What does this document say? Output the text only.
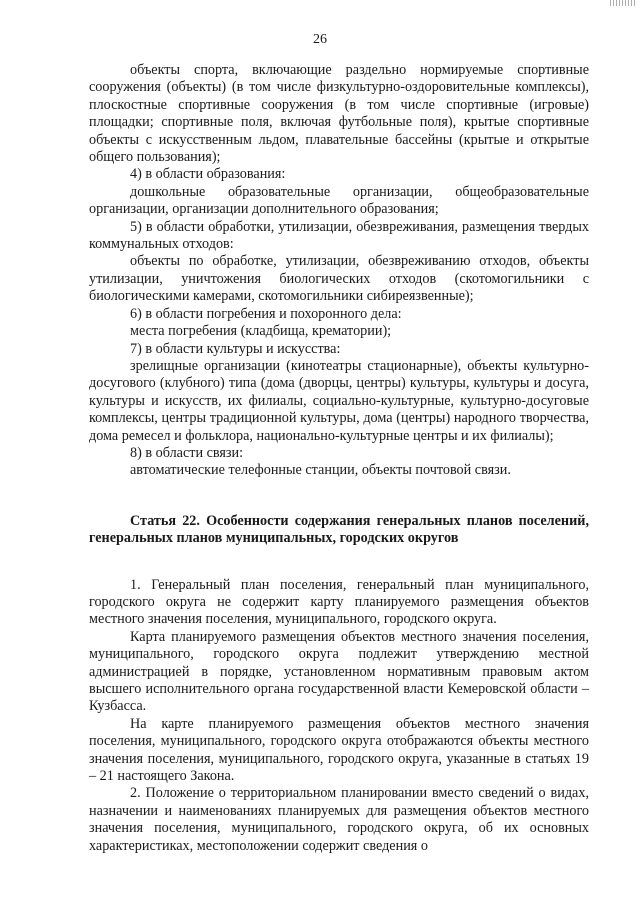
26

объекты спорта, включающие раздельно нормируемые спортивные сооружения (объекты) (в том числе физкультурно-оздоровительные комплексы), плоскостные спортивные сооружения (в том числе спортивные (игровые) площадки; спортивные поля, включая футбольные поля), крытые спортивные объекты с искусственным льдом, плавательные бассейны (крытые и открытые общего пользования);

4) в области образования:

дошкольные образовательные организации, общеобразовательные организации, организации дополнительного образования;

5) в области обработки, утилизации, обезвреживания, размещения твердых коммунальных отходов:

объекты по обработке, утилизации, обезвреживанию отходов, объекты утилизации, уничтожения биологических отходов (скотомогильники с биологическими камерами, скотомогильники сибиреязвенные);

6) в области погребения и похоронного дела:

места погребения (кладбища, крематории);

7) в области культуры и искусства:

зрелищные организации (кинотеатры стационарные), объекты культурно-досугового (клубного) типа (дома (дворцы, центры) культуры, культуры и досуга, культуры и искусств, их филиалы, социально-культурные, культурно-досуговые комплексы, центры традиционной культуры, дома (центры) народного творчества, дома ремесел и фольклора, национально-культурные центры и их филиалы);

8) в области связи:

автоматические телефонные станции, объекты почтовой связи.

Статья 22. Особенности содержания генеральных планов поселений, генеральных планов муниципальных, городских округов

1. Генеральный план поселения, генеральный план муниципального, городского округа не содержит карту планируемого размещения объектов местного значения поселения, муниципального, городского округа.

Карта планируемого размещения объектов местного значения поселения, муниципального, городского округа подлежит утверждению местной администрацией в порядке, установленном нормативным правовым актом высшего исполнительного органа государственной власти Кемеровской области – Кузбасса.

На карте планируемого размещения объектов местного значения поселения, муниципального, городского округа отображаются объекты местного значения поселения, муниципального, городского округа, указанные в статьях 19 – 21 настоящего Закона.

2. Положение о территориальном планировании вместо сведений о видах, назначении и наименованиях планируемых для размещения объектов местного значения поселения, муниципального, городского округа, об их основных характеристиках, местоположении содержит сведения о
